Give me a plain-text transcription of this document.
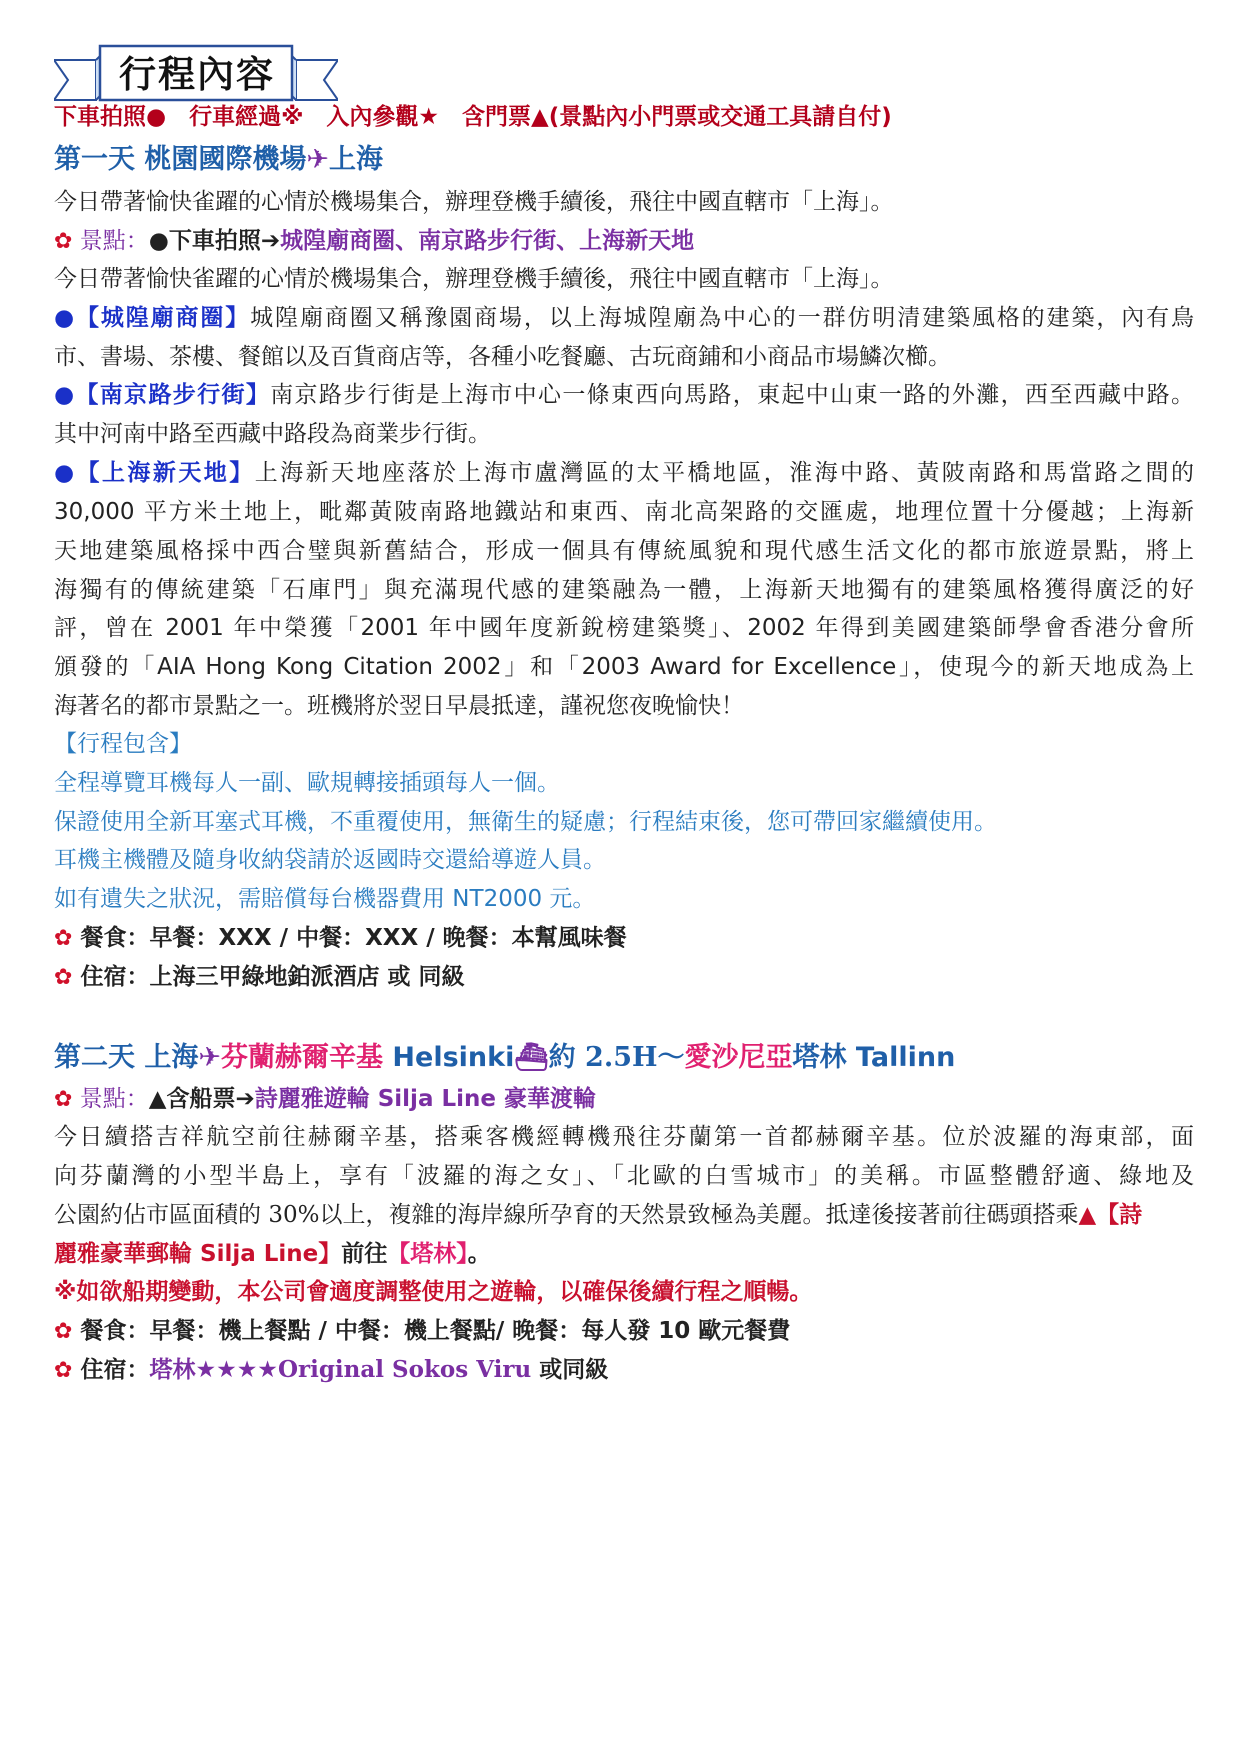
行程內容
下車拍照●　行車經過※　入內參觀★　含門票▲(景點內小門票或交通工具請自付)
第一天 桃園國際機場✈上海
今日帶著愉快雀躍的心情於機場集合，辦理登機手續後，飛往中國直轄市「上海」。
✿ 景點：●下車拍照➔城隍廟商圈、南京路步行街、上海新天地
今日帶著愉快雀躍的心情於機場集合，辦理登機手續後，飛往中國直轄市「上海」。
●【城隍廟商圈】城隍廟商圈又稱豫園商場，以上海城隍廟為中心的一群仿明清建築風格的建築，內有鳥
市、書場、茶樓、餐館以及百貨商店等，各種小吃餐廳、古玩商鋪和小商品市場鱗次櫛。
●【南京路步行街】南京路步行街是上海市中心一條東西向馬路，東起中山東一路的外灘，西至西藏中路。
其中河南中路至西藏中路段為商業步行街。
●【上海新天地】上海新天地座落於上海市盧灣區的太平橋地區，淮海中路、黃陂南路和馬當路之間的
30,000 平方米土地上，毗鄰黃陂南路地鐵站和東西、南北高架路的交匯處，地理位置十分優越；上海新
天地建築風格採中西合璧與新舊結合，形成一個具有傳統風貌和現代感生活文化的都市旅遊景點，將上
海獨有的傳統建築「石庫門」與充滿現代感的建築融為一體，上海新天地獨有的建築風格獲得廣泛的好
評，曾在 2001 年中榮獲「2001 年中國年度新銳榜建築獎」、2002 年得到美國建築師學會香港分會所
頒發的「AIA Hong Kong Citation 2002」和「2003 Award for Excellence」，使現今的新天地成為上
海著名的都市景點之一。班機將於翌日早晨抵達，謹祝您夜晚愉快！
【行程包含】
全程導覽耳機每人一副、歐規轉接插頭每人一個。
保證使用全新耳塞式耳機，不重覆使用，無衛生的疑慮；行程結束後，您可帶回家繼續使用。
耳機主機體及隨身收納袋請於返國時交還給導遊人員。
如有遺失之狀況，需賠償每台機器費用 NT2000 元。
✿ 餐食：早餐：XXX / 中餐：XXX / 晚餐：本幫風味餐
✿ 住宿：上海三甲綠地鉑派酒店 或 同級
第二天 上海✈芬蘭赫爾辛基 Helsinki⛴約 2.5H～愛沙尼亞塔林 Tallinn
✿ 景點：▲含船票➔詩麗雅遊輪 Silja Line 豪華渡輪
今日續搭吉祥航空前往赫爾辛基，搭乘客機經轉機飛往芬蘭第一首都赫爾辛基。位於波羅的海東部，面
向芬蘭灣的小型半島上，享有「波羅的海之女」、「北歐的白雪城市」的美稱。市區整體舒適、綠地及
公園約佔市區面積的 30%以上，複雜的海岸線所孕育的天然景致極為美麗。抵達後接著前往碼頭搭乘▲【詩
麗雅豪華郵輪 Silja Line】前往【塔林】。
※如欲船期變動，本公司會適度調整使用之遊輪，以確保後續行程之順暢。
✿ 餐食：早餐：機上餐點 / 中餐：機上餐點/ 晚餐：每人發 10 歐元餐費
✿ 住宿：塔林★★★★Original Sokos Viru 或同級
